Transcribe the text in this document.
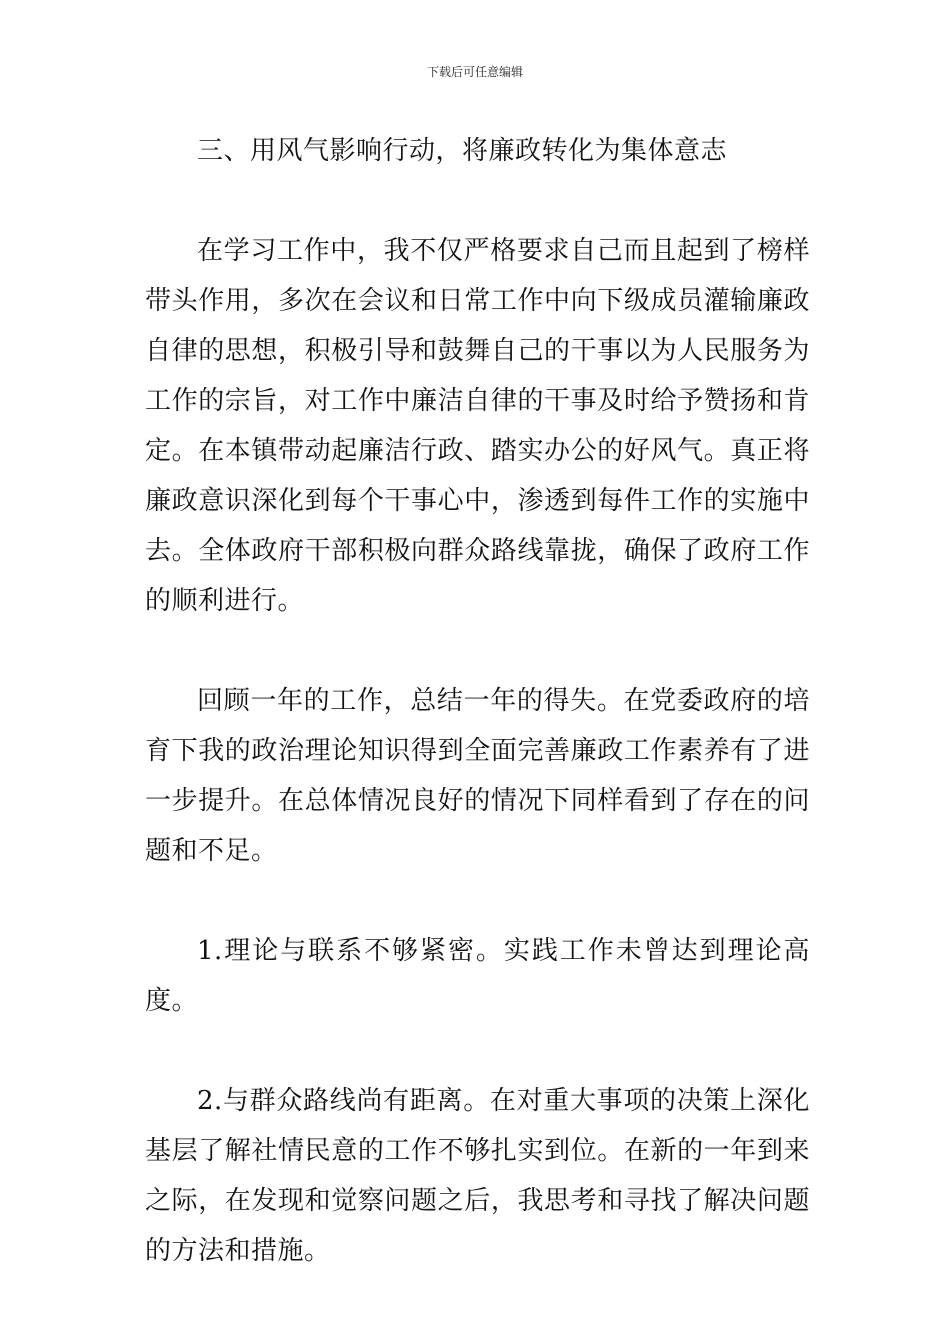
下载后可任意编辑

三、用风气影响行动，将廉政转化为集体意志

在学习工作中，我不仅严格要求自己而且起到了榜样带头作用，多次在会议和日常工作中向下级成员灌输廉政自律的思想，积极引导和鼓舞自己的干事以为人民服务为工作的宗旨，对工作中廉洁自律的干事及时给予赞扬和肯定。在本镇带动起廉洁行政、踏实办公的好风气。真正将廉政意识深化到每个干事心中，渗透到每件工作的实施中去。全体政府干部积极向群众路线靠拢，确保了政府工作的顺利进行。

回顾一年的工作，总结一年的得失。在党委政府的培育下我的政治理论知识得到全面完善廉政工作素养有了进一步提升。在总体情况良好的情况下同样看到了存在的问题和不足。

1.理论与联系不够紧密。实践工作未曾达到理论高度。

2.与群众路线尚有距离。在对重大事项的决策上深化基层了解社情民意的工作不够扎实到位。在新的一年到来之际，在发现和觉察问题之后，我思考和寻找了解决问题的方法和措施。
